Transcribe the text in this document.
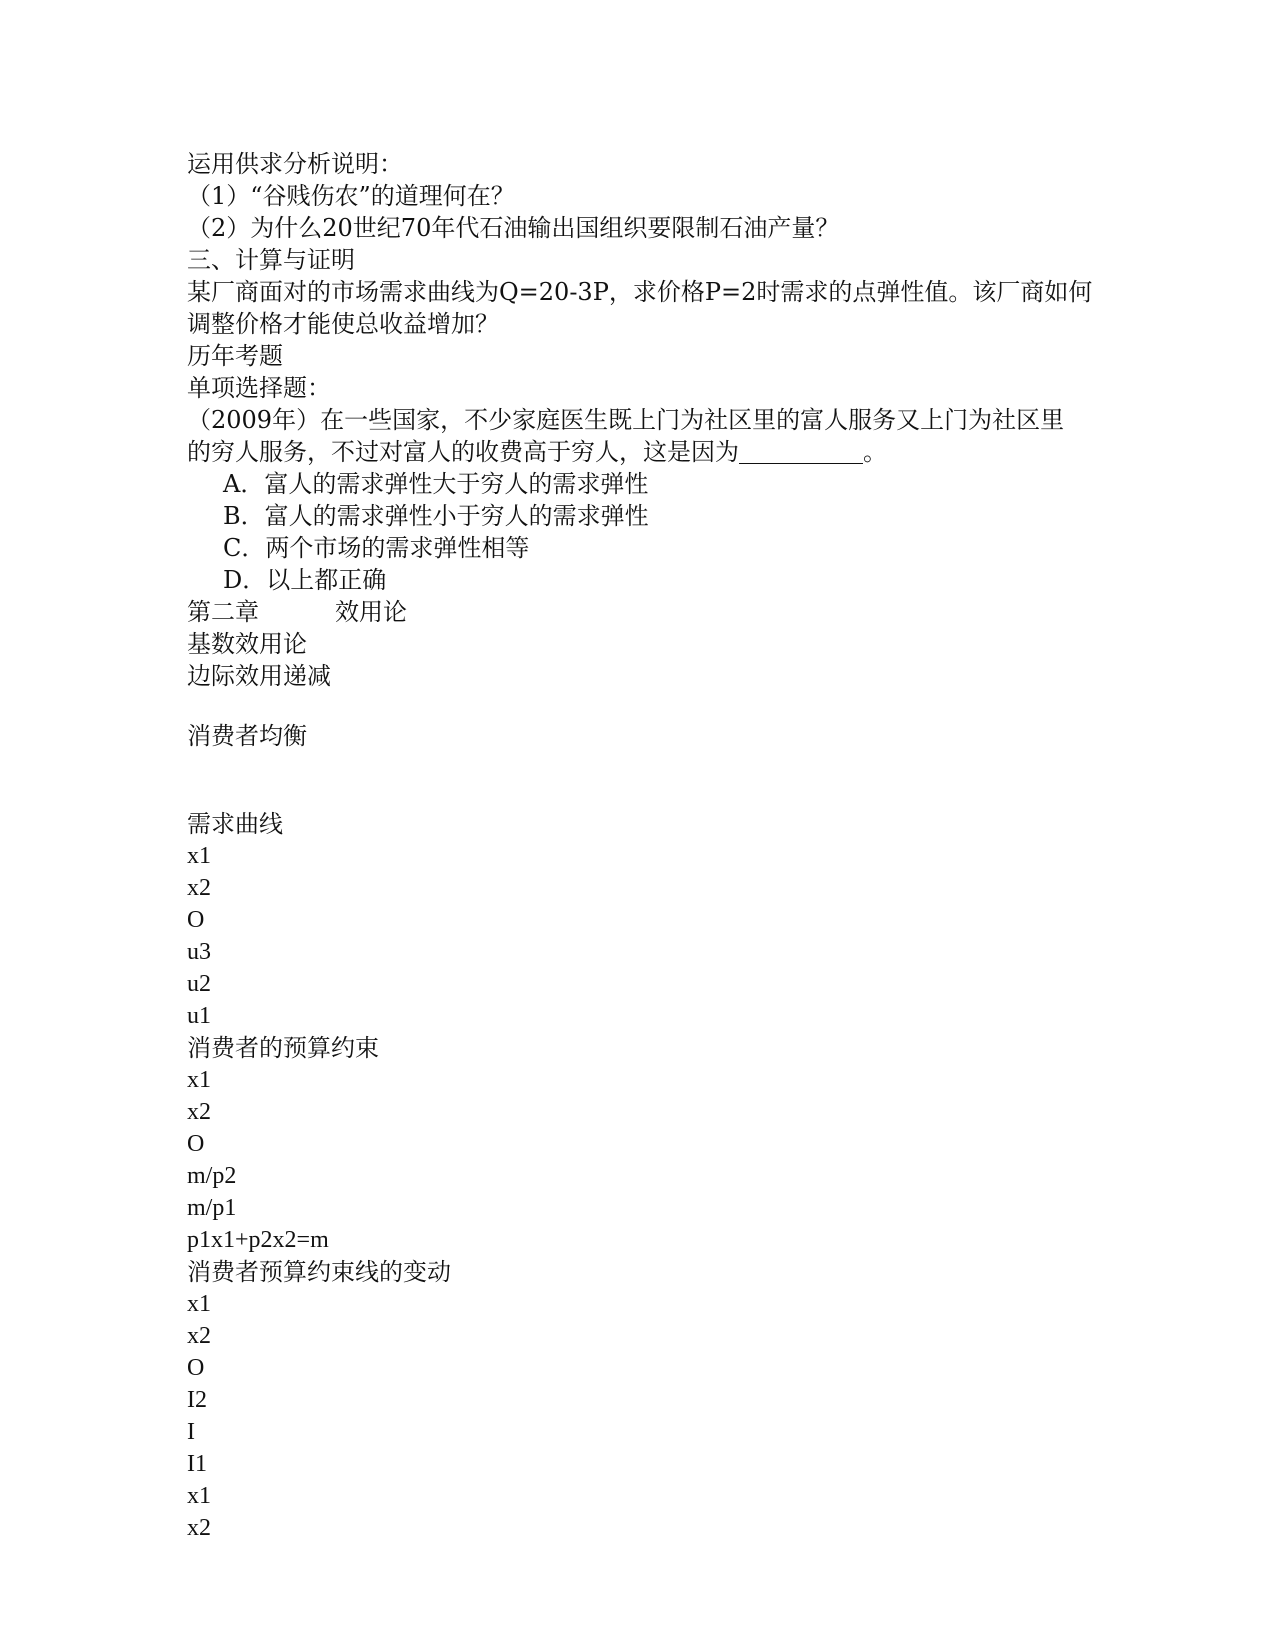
运用供求分析说明：
（1）“谷贱伤农”的道理何在？
（2）为什么20世纪70年代石油输出国组织要限制石油产量？
三、计算与证明
某厂商面对的市场需求曲线为Q=20-3P，求价格P=2时需求的点弹性值。该厂商如何
调整价格才能使总收益增加？
历年考题
单项选择题：
（2009年）在一些国家，不少家庭医生既上门为社区里的富人服务又上门为社区里
的穷人服务，不过对富人的收费高于穷人，这是因为	。
A．富人的需求弹性大于穷人的需求弹性
B．富人的需求弹性小于穷人的需求弹性
C．两个市场的需求弹性相等
D．以上都正确
第二章	效用论
基数效用论
边际效用递减
消费者均衡
需求曲线
x1
x2
O
u3
u2
u1
消费者的预算约束
x1
x2
O
m/p2
m/p1
p1x1+p2x2=m
消费者预算约束线的变动
x1
x2
O
I2
I
I1
x1
x2
